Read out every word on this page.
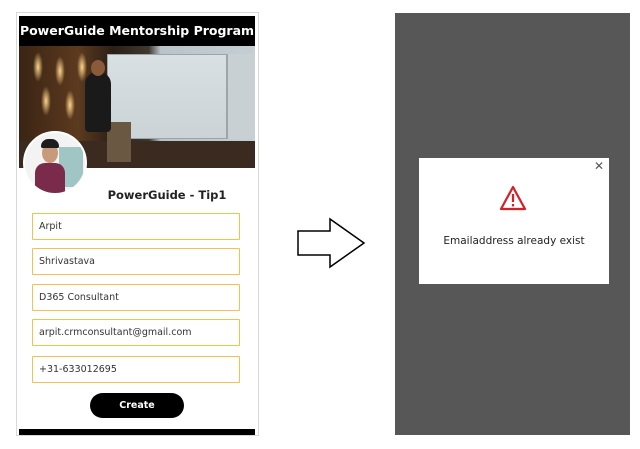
PowerGuide Mentorship Program
PowerGuide - Tip1
Arpit
Shrivastava
D365 Consultant
arpit.crmconsultant@gmail.com
+31-633012695
Create
✕
Emailaddress already exist
